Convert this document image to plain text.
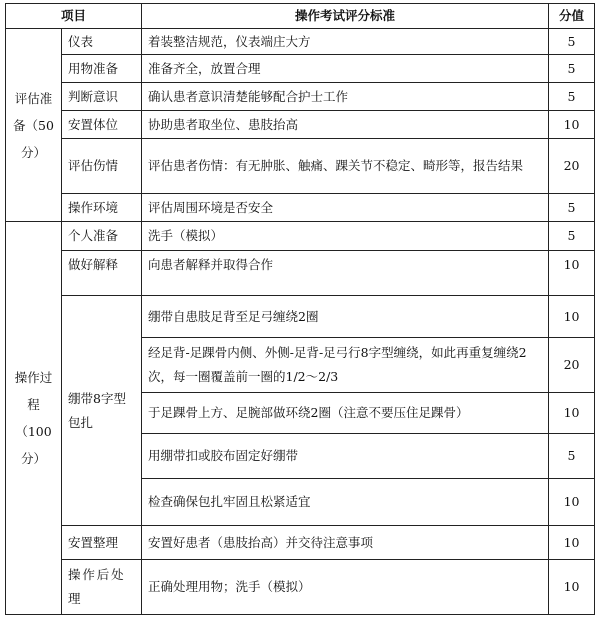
项目		操作考试评分标准	分值
评估准备（50分）	仪表	着装整洁规范，仪表端庄大方	5
	用物准备	准备齐全，放置合理	5
	判断意识	确认患者意识清楚能够配合护士工作	5
	安置体位	协助患者取坐位、患肢抬高	10
	评估伤情	评估患者伤情：有无肿胀、触痛、踝关节不稳定、畸形等，报告结果	20
	操作环境	评估周围环境是否安全	5
操作过程（100分）	个人准备	洗手（模拟）	5
	做好解释	向患者解释并取得合作	10
	绷带8字型包扎	绷带自患肢足背至足弓缠绕2圈	10
		经足背-足踝骨内侧、外侧-足背-足弓行8字型缠绕，如此再重复缠绕2次，每一圈覆盖前一圈的1/2～2/3	20
		于足踝骨上方、足腕部做环绕2圈（注意不要压住足踝骨）	10
		用绷带扣或胶布固定好绷带	5
		检查确保包扎牢固且松紧适宜	10
	安置整理	安置好患者（患肢抬高）并交待注意事项	10
	操作后处理	正确处理用物；洗手（模拟）	10
